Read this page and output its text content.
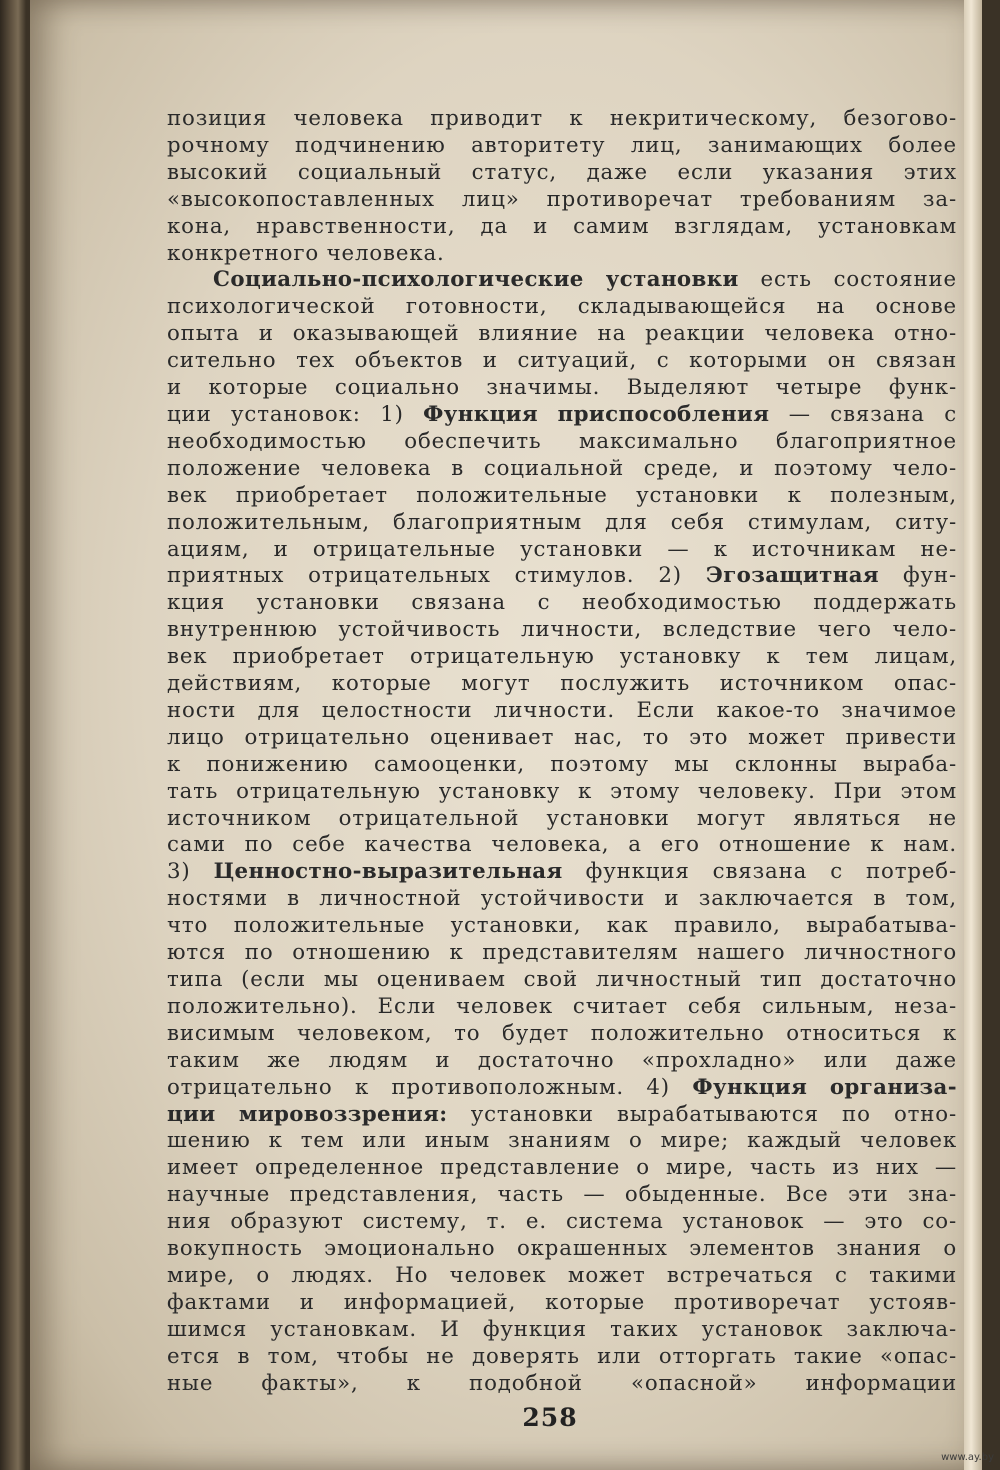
позиция человека приводит к некритическому, безогово-
рочному подчинению авторитету лиц, занимающих более
высокий социальный статус, даже если указания этих
«высокопоставленных лиц» противоречат требованиям за-
кона, нравственности, да и самим взглядам, установкам
конкретного человека.

Социально-психологические установки есть состояние
психологической готовности, складывающейся на основе
опыта и оказывающей влияние на реакции человека отно-
сительно тех объектов и ситуаций, с которыми он связан
и которые социально значимы. Выделяют четыре функ-
ции установок: 1) Функция приспособления — связана с
необходимостью обеспечить максимально благоприятное
положение человека в социальной среде, и поэтому чело-
век приобретает положительные установки к полезным,
положительным, благоприятным для себя стимулам, ситу-
ациям, и отрицательные установки — к источникам не-
приятных отрицательных стимулов. 2) Эгозащитная фун-
кция установки связана с необходимостью поддержать
внутреннюю устойчивость личности, вследствие чего чело-
век приобретает отрицательную установку к тем лицам,
действиям, которые могут послужить источником опас-
ности для целостности личности. Если какое-то значимое
лицо отрицательно оценивает нас, то это может привести
к понижению самооценки, поэтому мы склонны выраба-
тать отрицательную установку к этому человеку. При этом
источником отрицательной установки могут являться не
сами по себе качества человека, а его отношение к нам.
3) Ценностно-выразительная функция связана с потреб-
ностями в личностной устойчивости и заключается в том,
что положительные установки, как правило, вырабатыва-
ются по отношению к представителям нашего личностного
типа (если мы оцениваем свой личностный тип достаточно
положительно). Если человек считает себя сильным, неза-
висимым человеком, то будет положительно относиться к
таким же людям и достаточно «прохладно» или даже
отрицательно к противоположным. 4) Функция организа-
ции мировоззрения: установки вырабатываются по отно-
шению к тем или иным знаниям о мире; каждый человек
имеет определенное представление о мире, часть из них —
научные представления, часть — обыденные. Все эти зна-
ния образуют систему, т. е. система установок — это со-
вокупность эмоционально окрашенных элементов знания о
мире, о людях. Но человек может встречаться с такими
фактами и информацией, которые противоречат устояв-
шимся установкам. И функция таких установок заключа-
ется в том, чтобы не доверять или отторгать такие «опас-
ные факты», к подобной «опасной» информации

258
www.ay.by
